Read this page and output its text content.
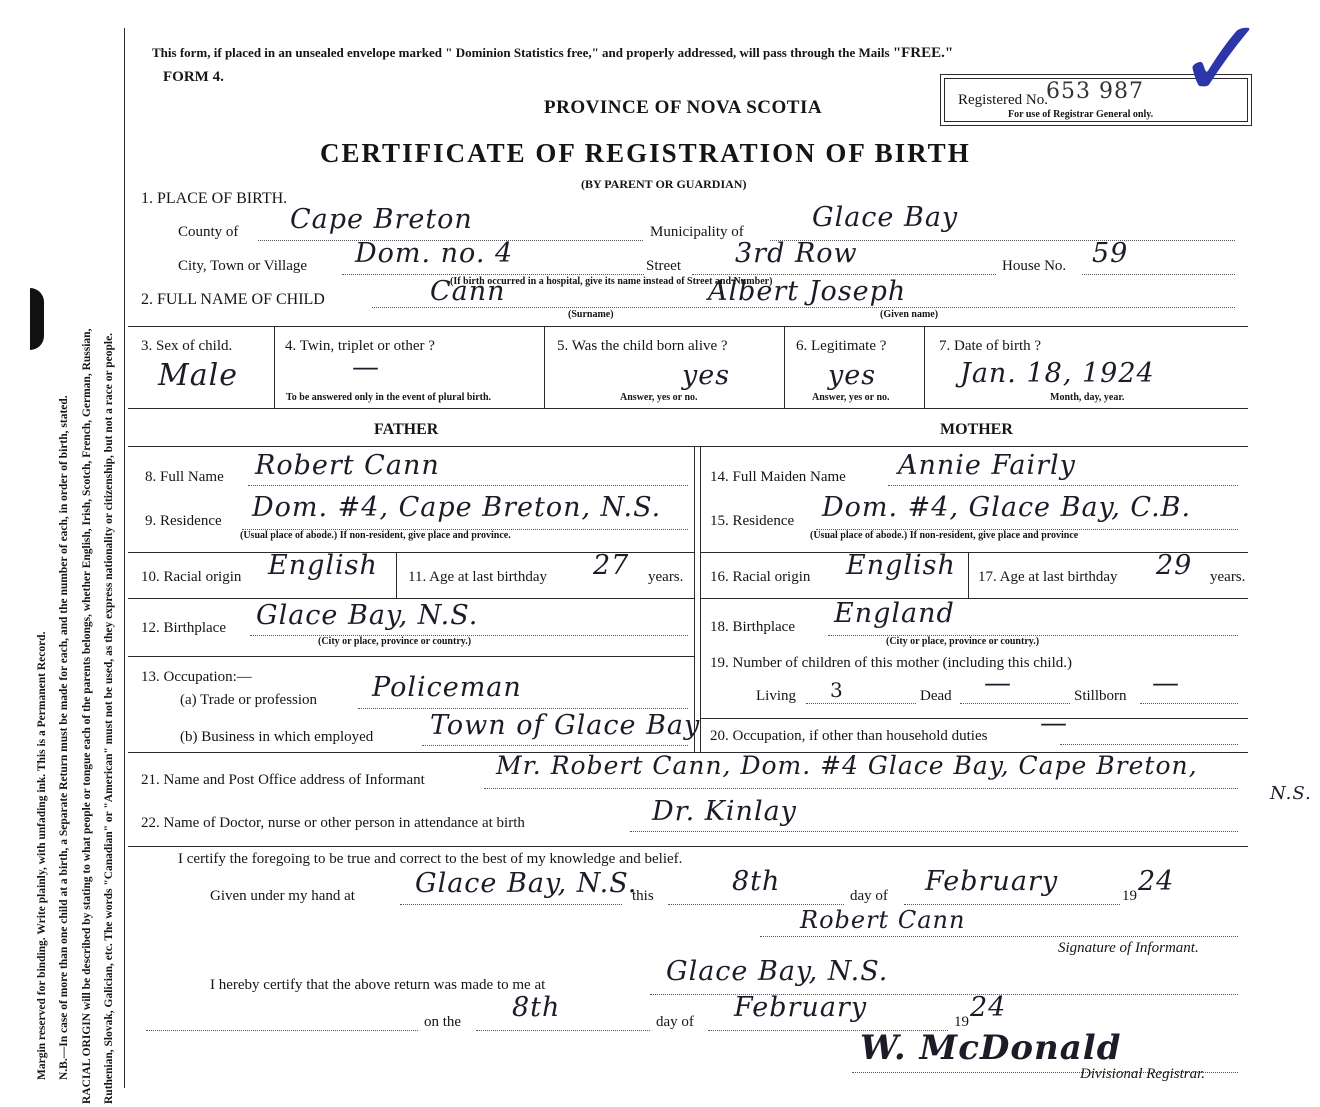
Margin reserved for binding. Write plainly, with unfading ink. This is a Permanent Record. N.B.—In case of more than one child at a birth, a Separate Return must be made for each, and the number of each, in order of birth, stated. RACIAL ORIGIN will be described by stating to what people or tongue each of the parents belongs, whether English, Irish, Scotch, French, German, Russian, Ruthenian, Slovak, Galician, etc. The words "Canadian" or "American" must not be used, as they express nationality or citizenship, but not a race or people.
This form, if placed in an unsealed envelope marked " Dominion Statistics free," and properly addressed, will pass through the Mails "FREE."
FORM 4.
PROVINCE OF NOVA SCOTIA
CERTIFICATE OF REGISTRATION OF BIRTH
(BY PARENT OR GUARDIAN)
Registered No.
653 987
For use of Registrar General only. ✓
1. PLACE OF BIRTH.
County of Cape Breton	Municipality of	Glace Bay
City, Town or Village Dom. no. 4	Street 3rd Row
(If birth occurred in a hospital, give its name instead of Street and Number)
House No. 59
2. FULL NAME OF CHILD	Cann	Albert Joseph
(Surname)	(Given name)
3. Sex of child.
Male
4. Twin, triplet or other ?
—
To be answered only in the event of plural birth.
5. Was the child born alive ?
yes
Answer, yes or no.
6. Legitimate ?
yes
Answer, yes or no.
7. Date of birth ?
Jan. 18, 1924
Month, day, year.
FATHER	MOTHER
8. Full Name Robert Cann
9. Residence Dom. #4, Cape Breton, N.S.
(Usual place of abode.) If non-resident, give place and province.
10. Racial origin English 11. Age at last birthday 27 years.
12. Birthplace Glace Bay, N.S.
(City or place, province or country.)
13. Occupation:—
(a) Trade or profession Policeman
(b) Business in which employed Town of Glace Bay
14. Full Maiden Name Annie Fairly
15. Residence Dom. #4, Glace Bay, C.B.
(Usual place of abode.) If non-resident, give place and province
16. Racial origin English 17. Age at last birthday 29 years.
18. Birthplace England
(City or place, province or country.)
19. Number of children of this mother (including this child.)
Living 3	Dead —	Stillborn —
20. Occupation, if other than household duties —
21. Name and Post Office address of Informant	Mr. Robert Cann, Dom. #4 Glace Bay, Cape Breton,
N.S.
22. Name of Doctor, nurse or other person in attendance at birth	Dr. Kinlay
I certify the foregoing to be true and correct to the best of my knowledge and belief.
Given under my hand at Glace Bay, N.S.
this	8th	day of February	19 24
Robert Cann
Signature of Informant.
I hereby certify that the above return was made to me at	Glace Bay, N.S.
on the 8th	day of February	19 24
W. McDonald
Divisional Registrar.
